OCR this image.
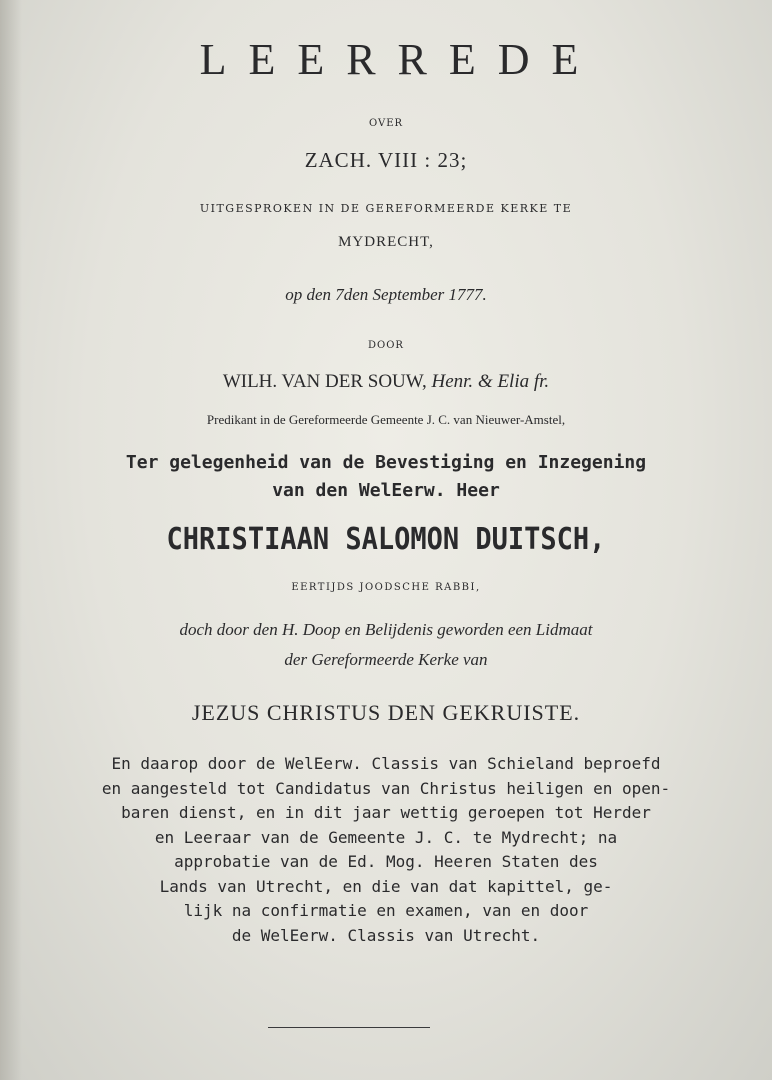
LEERREDE
OVER
ZACH. VIII : 23;
UITGESPROKEN IN DE GEREFORMEERDE KERKE TE
MYDRECHT,
op den 7den September 1777.
DOOR
WILH. VAN DER SOUW, Henr. & Elia fr.
Predikant in de Gereformeerde Gemeente J. C. van Nieuwer-Amstel,
Ter gelegenheid van de Bevestiging en Inzegening
van den WelEerw. Heer
CHRISTIAAN SALOMON DUITSCH,
EERTIJDS JOODSCHE RABBI,
doch door den H. Doop en Belijdenis geworden een Lidmaat
der Gereformeerde Kerke van
JEZUS CHRISTUS DEN GEKRUISTE.
En daarop door de WelEerw. Classis van Schieland beproefd
en aangesteld tot Candidatus van Christus heiligen en open-
baren dienst, en in dit jaar wettig geroepen tot Herder
en Leeraar van de Gemeente J. C. te Mydrecht; na
approbatie van de Ed. Mog. Heeren Staten des
Lands van Utrecht, en die van dat kapittel, ge-
lijk na confirmatie en examen, van en door
de WelEerw. Classis van Utrecht.
